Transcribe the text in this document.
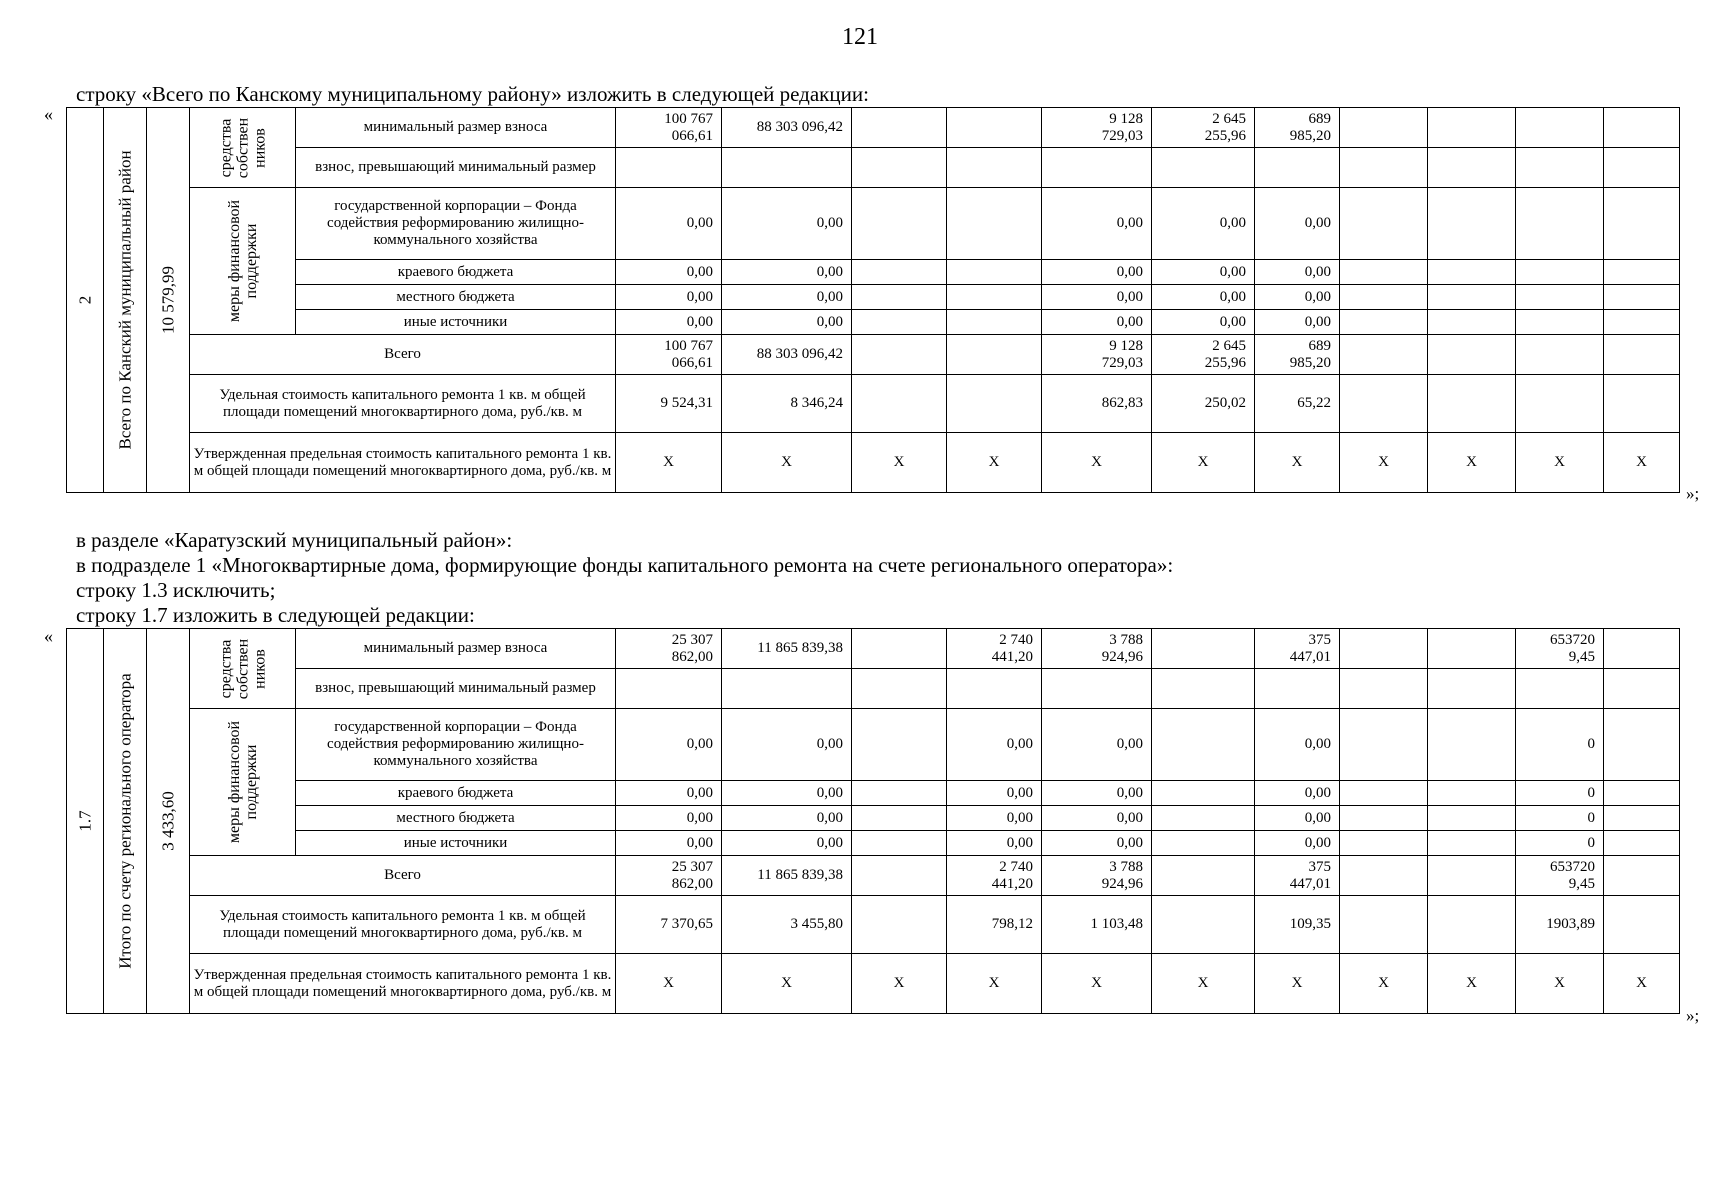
121
строку «Всего по Канскому муниципальному району» изложить в следующей редакции:
«
»;
2	Всего по Канский муниципальный район	10 579,99	средства
собствен
ников	минимальный размер взноса	100 767
066,61	88 303 096,42			9 128
729,03	2 645
255,96	689
985,20				
				взнос, превышающий минимальный размер											

			меры финансовой
поддержки	государственной корпорации – Фонда содействия реформированию жилищно-коммунального хозяйства	0,00	0,00			0,00	0,00	0,00				
				краевого бюджета	0,00	0,00			0,00	0,00	0,00				
				местного бюджета	0,00	0,00			0,00	0,00	0,00				
				иные источники	0,00	0,00			0,00	0,00	0,00				
			Всего		100 767
066,61	88 303 096,42			9 128
729,03	2 645
255,96	689
985,20				
			Удельная стоимость капитального ремонта 1 кв. м общей площади помещений многоквартирного дома, руб./кв. м		9 524,31	8 346,24			862,83	250,02	65,22				
			Утвержденная предельная стоимость капитального ремонта 1 кв. м общей площади помещений многоквартирного дома, руб./кв. м		X	X	X	X	X	X	X	X	X	X	X
в разделе «Каратузский муниципальный район»:
в подразделе 1 «Многоквартирные дома, формирующие фонды капитального ремонта на счете регионального оператора»:
строку 1.3 исключить;
строку 1.7 изложить в следующей редакции:
«
»;
1.7	Итого по счету регионального оператора	3 433,60	средства
собствен
ников	минимальный размер взноса	25 307
862,00	11 865 839,38		2 740
441,20	3 788
924,96		375
447,01			653720
9,45	
				взнос, превышающий минимальный размер											

			меры финансовой
поддержки	государственной корпорации – Фонда содействия реформированию жилищно-коммунального хозяйства	0,00	0,00		0,00	0,00		0,00			0	
				краевого бюджета	0,00	0,00		0,00	0,00		0,00			0	
				местного бюджета	0,00	0,00		0,00	0,00		0,00			0	
				иные источники	0,00	0,00		0,00	0,00		0,00			0	
			Всего		25 307
862,00	11 865 839,38		2 740
441,20	3 788
924,96		375
447,01			653720
9,45	
			Удельная стоимость капитального ремонта 1 кв. м общей площади помещений многоквартирного дома, руб./кв. м		7 370,65	3 455,80		798,12	1 103,48		109,35			1903,89	
			Утвержденная предельная стоимость капитального ремонта 1 кв. м общей площади помещений многоквартирного дома, руб./кв. м		X	X	X	X	X	X	X	X	X	X	X
